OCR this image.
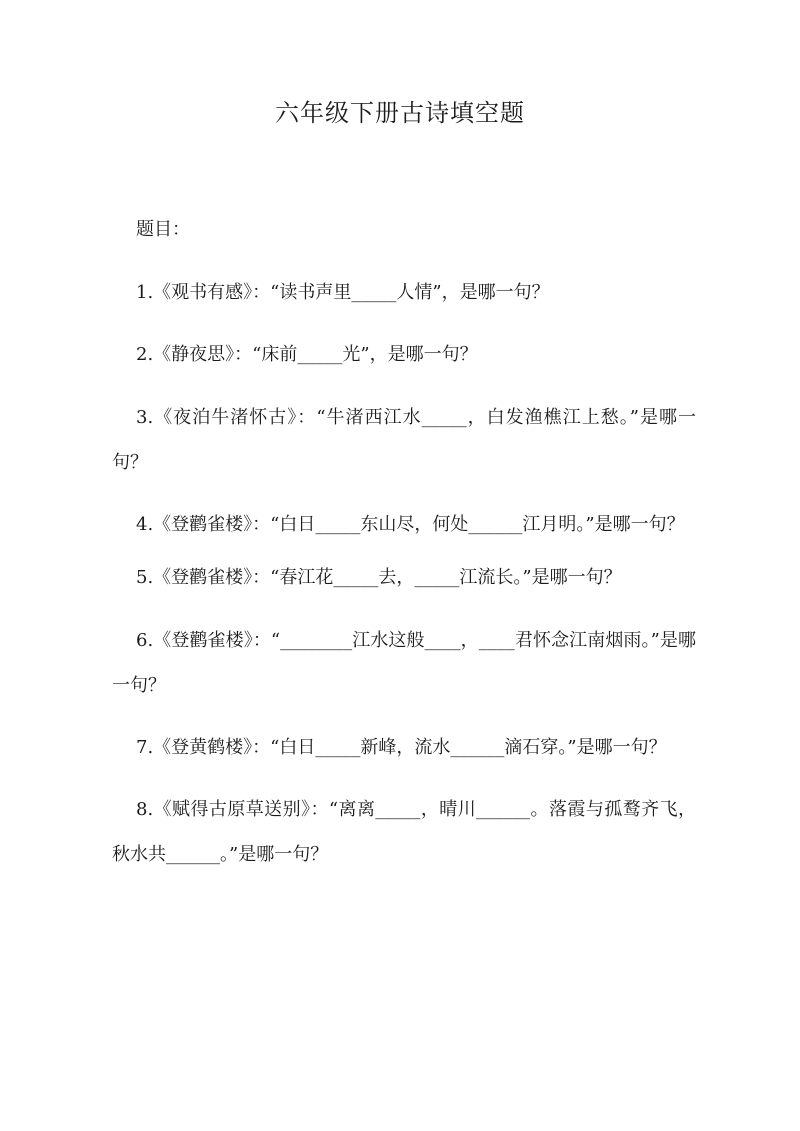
六年级下册古诗填空题
题目：
1.《观书有感》：“读书声里_____人情”，是哪一句？
2.《静夜思》：“床前_____光”，是哪一句？
3.《夜泊牛渚怀古》：“牛渚西江水_____，白发渔樵江上愁。”是哪一句？
4.《登鹳雀楼》：“白日_____东山尽，何处______江月明。”是哪一句？
5.《登鹳雀楼》：“春江花_____去，_____江流长。”是哪一句？
6.《登鹳雀楼》：“________江水这般____，____君怀念江南烟雨。”是哪一句？
7.《登黄鹤楼》：“白日_____新峰，流水______滴石穿。”是哪一句？
8.《赋得古原草送别》：“离离_____，晴川______。落霞与孤鹜齐飞，秋水共______。”是哪一句？
